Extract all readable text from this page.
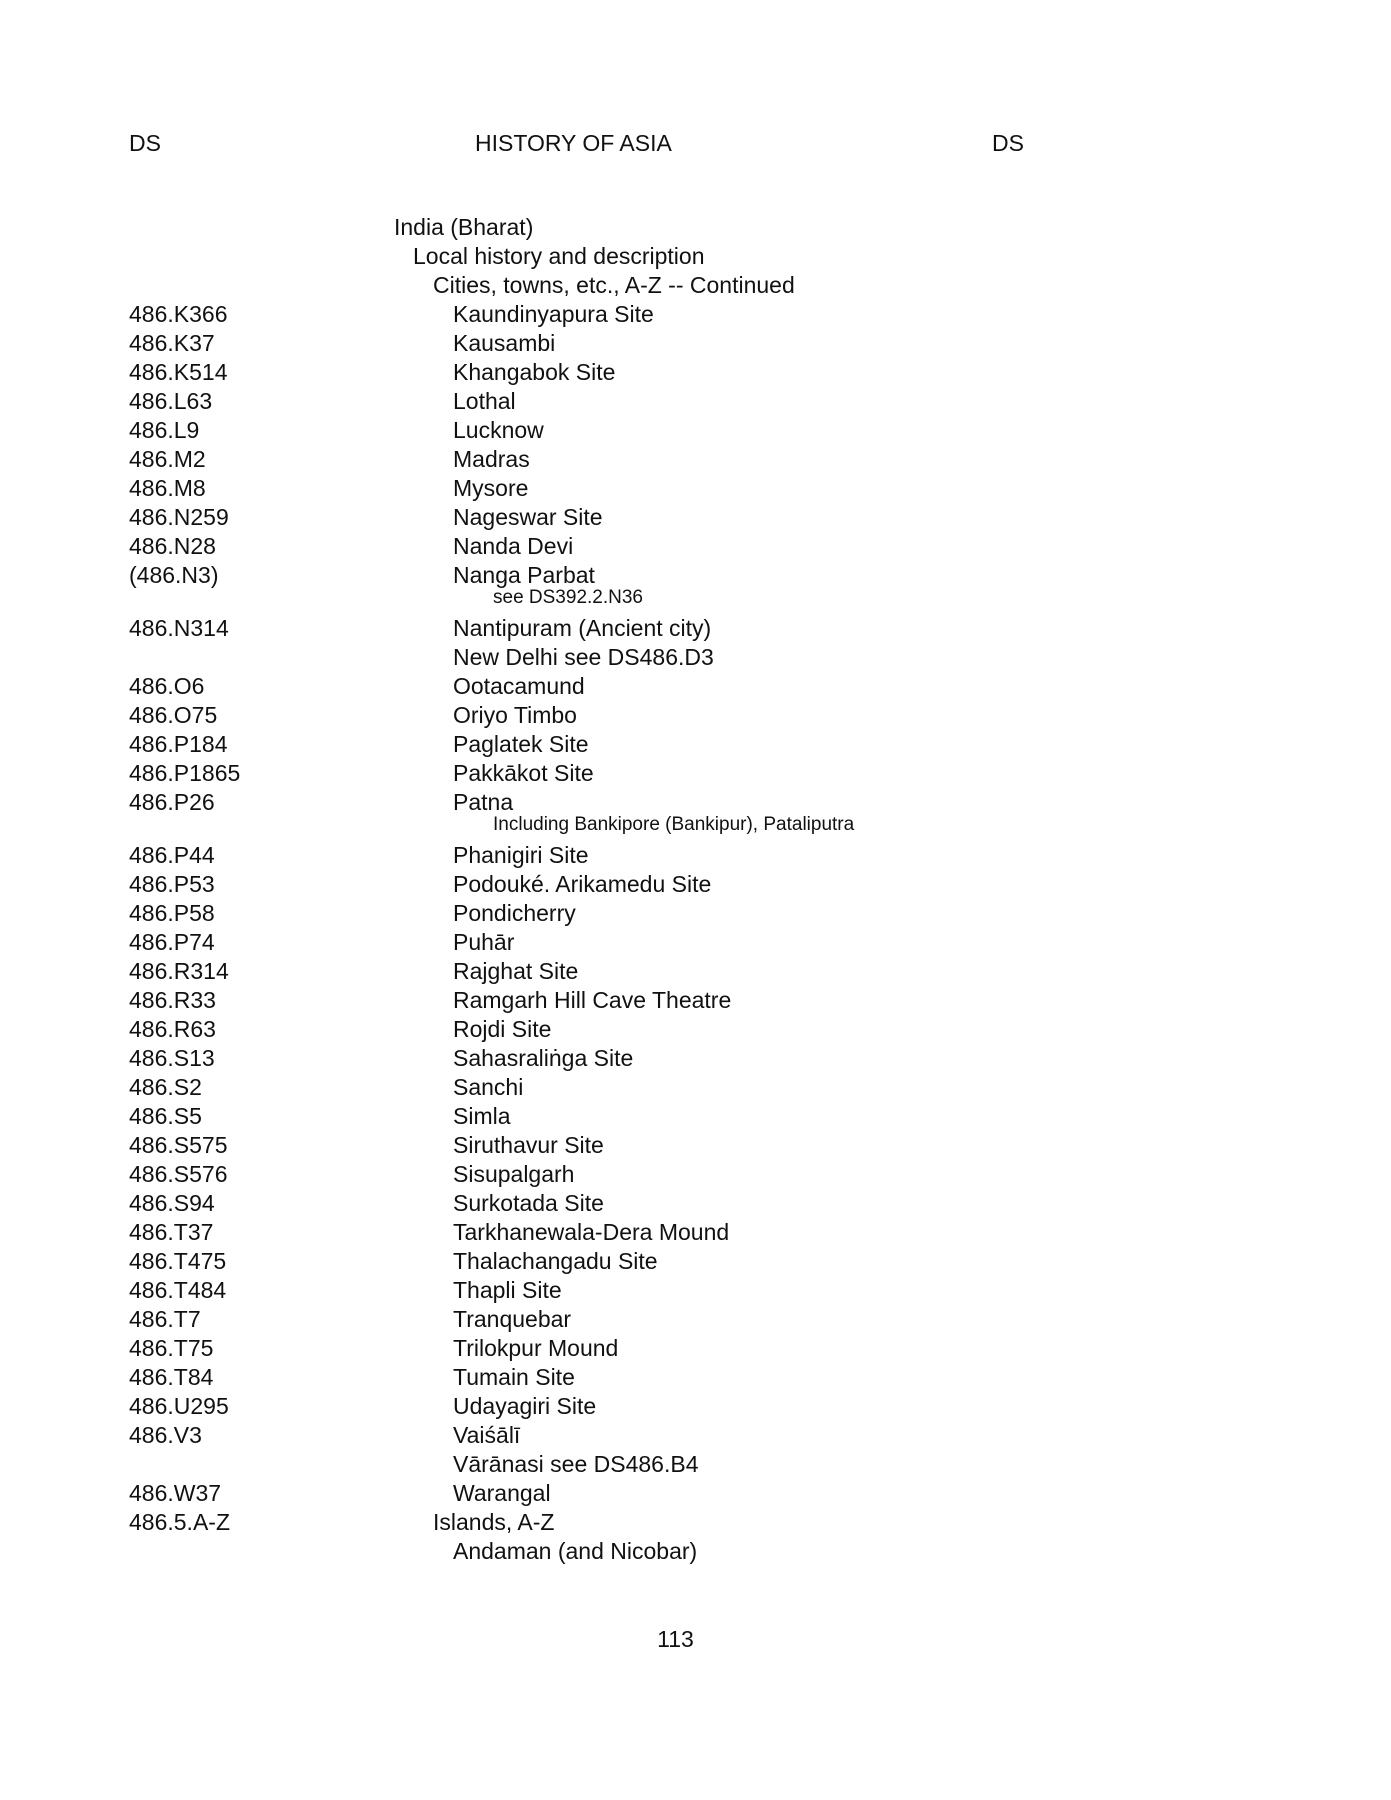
DS	HISTORY OF ASIA	DS
India (Bharat)
Local history and description
Cities, towns, etc., A-Z -- Continued
486.K366	Kaundinyapura Site
486.K37	Kausambi
486.K514	Khangabok Site
486.L63	Lothal
486.L9	Lucknow
486.M2	Madras
486.M8	Mysore
486.N259	Nageswar Site
486.N28	Nanda Devi
(486.N3)	Nanga Parbat
see DS392.2.N36
486.N314	Nantipuram (Ancient city)
New Delhi see DS486.D3
486.O6	Ootacamund
486.O75	Oriyo Timbo
486.P184	Paglatek Site
486.P1865	Pakkākot Site
486.P26	Patna
Including Bankipore (Bankipur), Pataliputra
486.P44	Phanigiri Site
486.P53	Podouké. Arikamedu Site
486.P58	Pondicherry
486.P74	Puhār
486.R314	Rajghat Site
486.R33	Ramgarh Hill Cave Theatre
486.R63	Rojdi Site
486.S13	Sahasraliṅga Site
486.S2	Sanchi
486.S5	Simla
486.S575	Siruthavur Site
486.S576	Sisupalgarh
486.S94	Surkotada Site
486.T37	Tarkhanewala-Dera Mound
486.T475	Thalachangadu Site
486.T484	Thapli Site
486.T7	Tranquebar
486.T75	Trilokpur Mound
486.T84	Tumain Site
486.U295	Udayagiri Site
486.V3	Vaiśālī
Vārānasi see DS486.B4
486.W37	Warangal
486.5.A-Z	Islands, A-Z
Andaman (and Nicobar)
113
